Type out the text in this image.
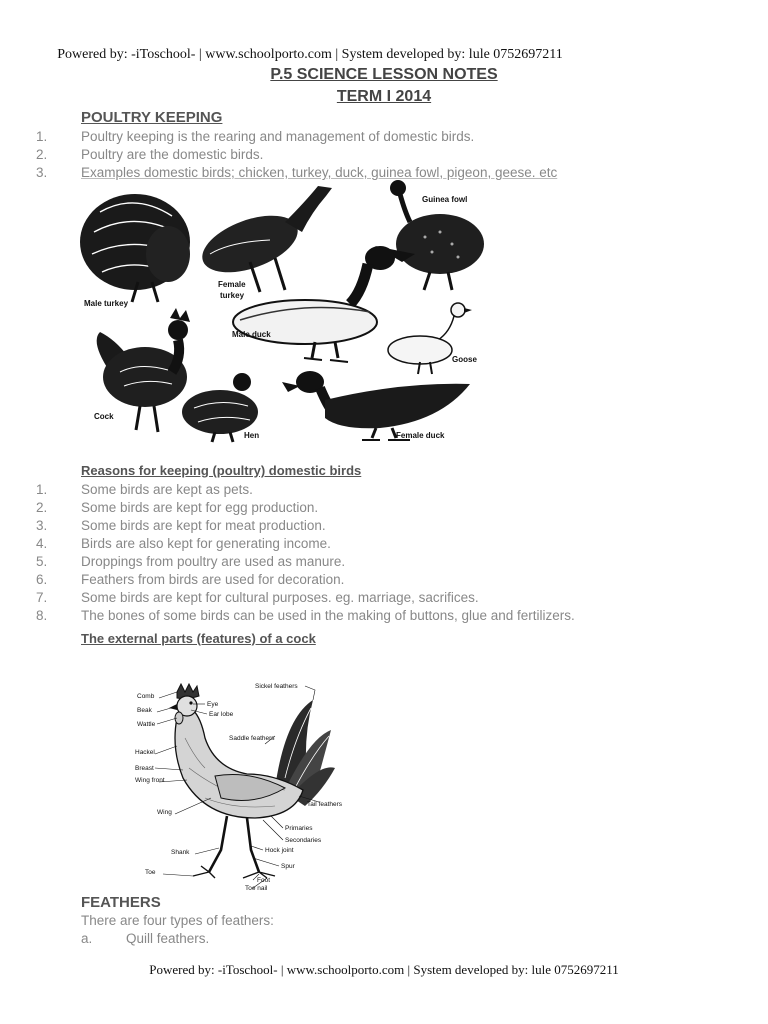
Powered by: -iToschool- | www.schoolporto.com | System developed by: lule 0752697211
P.5 SCIENCE LESSON NOTES
TERM I 2014
POULTRY KEEPING
1. Poultry keeping is the rearing and management of domestic birds.
2. Poultry are the domestic birds.
3. Examples domestic birds; chicken, turkey, duck, guinea fowl, pigeon, geese. etc
Male turkey
Female
turkey
Guinea fowl
Male duck
Goose
Cock
Hen	Female duck
Reasons for keeping (poultry) domestic birds
1. Some birds are kept as pets.
2. Some birds are kept for egg production.
3. Some birds are kept for meat production.
4. Birds are also kept for generating income.
5. Droppings from poultry are used as manure.
6. Feathers from birds are used for decoration.
7. Some birds are kept for cultural purposes. eg. marriage, sacrifices.
8. The bones of some birds can be used in the making of buttons, glue and fertilizers.
The external parts (features) of a cock
Comb
Beak
Wattle
Eye
Ear lobe
Sickel feathers
Saddle feathers
Hackel
Breast
Wing front
Wing
Tail feathers
Primaries
Secondaries
Shank	Hock joint
Spur
Toe
Foot
Toe nail
FEATHERS
There are four types of feathers:
a. Quill feathers.
Powered by: -iToschool- | www.schoolporto.com | System developed by: lule 0752697211
